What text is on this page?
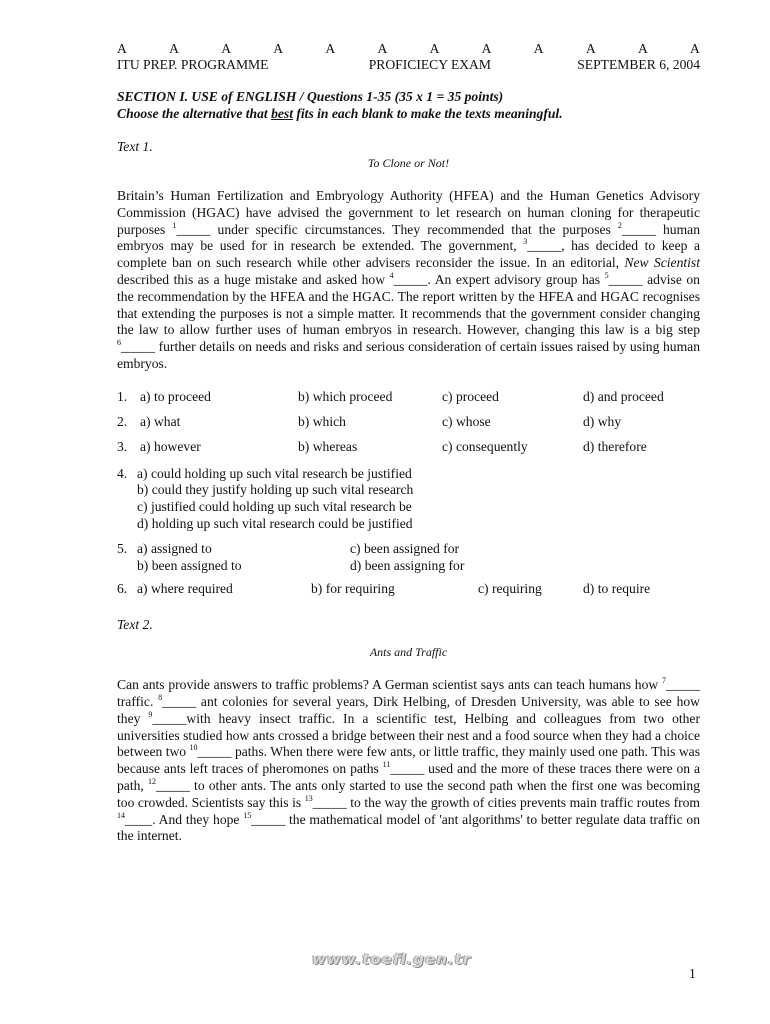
A	A	A	A	A	A	A	A	A	A	A	A
ITU PREP. PROGRAMME	PROFICIECY EXAM	SEPTEMBER 6, 2004
SECTION I. USE of ENGLISH / Questions 1-35 (35 x 1 = 35 points)
Choose the alternative that best fits in each blank to make the texts meaningful.
Text 1.
To Clone or Not!
Britain’s Human Fertilization and Embryology Authority (HFEA) and the Human Genetics Advisory Commission (HGAC) have advised the government to let research on human cloning for therapeutic purposes $^1$_____ under specific circumstances. They recommended that the purposes $^2$_____ human embryos may be used for in research be extended. The government, $^3$_____, has decided to keep a complete ban on such research while other advisers reconsider the issue. In an editorial, New Scientist described this as a huge mistake and asked how $^4$_____. An expert advisory group has $^5$_____ advise on the recommendation by the HFEA and the HGAC. The report written by the HFEA and HGAC recognises that extending the purposes is not a simple matter. It recommends that the government consider changing the law to allow further uses of human embryos in research. However, changing this law is a big step $^6$_____ further details on needs and risks and serious consideration of certain issues raised by using human embryos.
1. a) to proceed	b) which proceed	c) proceed	d) and proceed
2. a) what	b) which	c) whose	d) why
3. a) however	b) whereas	c) consequently	d) therefore
4. a) could holding up such vital research be justified
b) could they justify holding up such vital research
c) justified could holding up such vital research be
d) holding up such vital research could be justified
5. a) assigned to
b) been assigned to
c) been assigned for
d) been assigning for
6. a) where required	b) for requiring	c) requiring	d) to require
Text 2.
Ants and Traffic
Can ants provide answers to traffic problems? A German scientist says ants can teach humans how $^7$_____ traffic. $^8$_____ ant colonies for several years, Dirk Helbing, of Dresden University, was able to see how they $^9$_____with heavy insect traffic. In a scientific test, Helbing and colleagues from two other universities studied how ants crossed a bridge between their nest and a food source when they had a choice between two $^{10}$_____ paths. When there were few ants, or little traffic, they mainly used one path. This was because ants left traces of pheromones on paths $^{11}$_____ used and the more of these traces there were on a path, $^{12}$_____ to other ants. The ants only started to use the second path when the first one was becoming too crowded. Scientists say this is $^{13}$_____ to the way the growth of cities prevents main traffic routes from $^{14}$____. And they hope $^{15}$_____ the mathematical model of 'ant algorithms' to better regulate data traffic on the internet.
www.toefl.gen.tr
1
